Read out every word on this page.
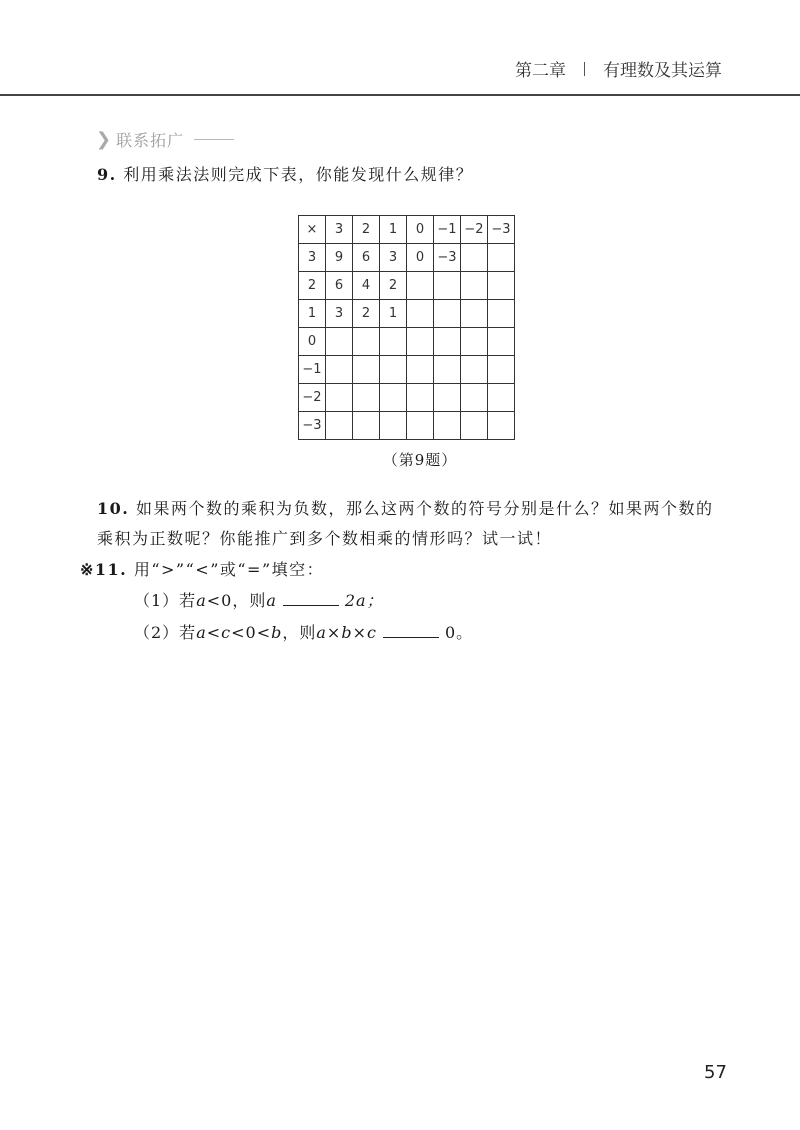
第二章 有理数及其运算
❯ 联系拓广
9. 利用乘法法则完成下表，你能发现什么规律？
×	3	2	1	0	−1	−2	−3
3	9	6	3	0	−3		
2	6	4	2				
1	3	2	1				
0							
−1							
−2							
−3							
（第9题）
10. 如果两个数的乘积为负数，那么这两个数的符号分别是什么？如果两个数的乘积为正数呢？你能推广到多个数相乘的情形吗？试一试！
※11. 用“>”“<”或“=”填空：
（1）若a<0，则a	2a；
（2）若a<c<0<b，则a×b×c	0。
57
